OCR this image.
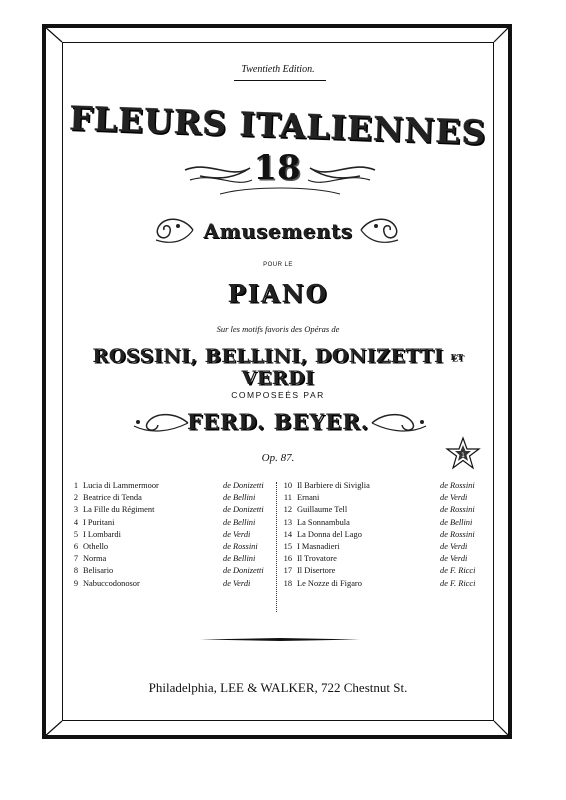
Twentieth Edition.
FLEURS ITALIENNES
18
Amusements
POUR LE
PIANO
Sur les motifs favoris des Opéras de
ROSSINI, BELLINI, DONIZETTI ET VERDI
COMPOSEÉS PAR
FERD. BEYER.
Op. 87.	1
1 Lucia di Lammermoor	de Donizetti
2 Beatrice di Tenda	de Bellini
3 La Fille du Régiment	de Donizetti
4 I Puritani	de Bellini
5 I Lombardi	de Verdi
6 Othello	de Rossini
7 Norma	de Bellini
8 Belisario	de Donizetti
9 Nabuccodonosor	de Verdi
10 Il Barbiere di Siviglia	de Rossini
11 Ernani	de Verdi
12 Guillaume Tell	de Rossini
13 La Sonnambula	de Bellini
14 La Donna del Lago	de Rossini
15 I Masnadieri	de Verdi
16 Il Trovatore	de Verdi
17 Il Disertore	de F. Ricci
18 Le Nozze di Figaro	de F. Ricci
Philadelphia, LEE & WALKER, 722 Chestnut St.
